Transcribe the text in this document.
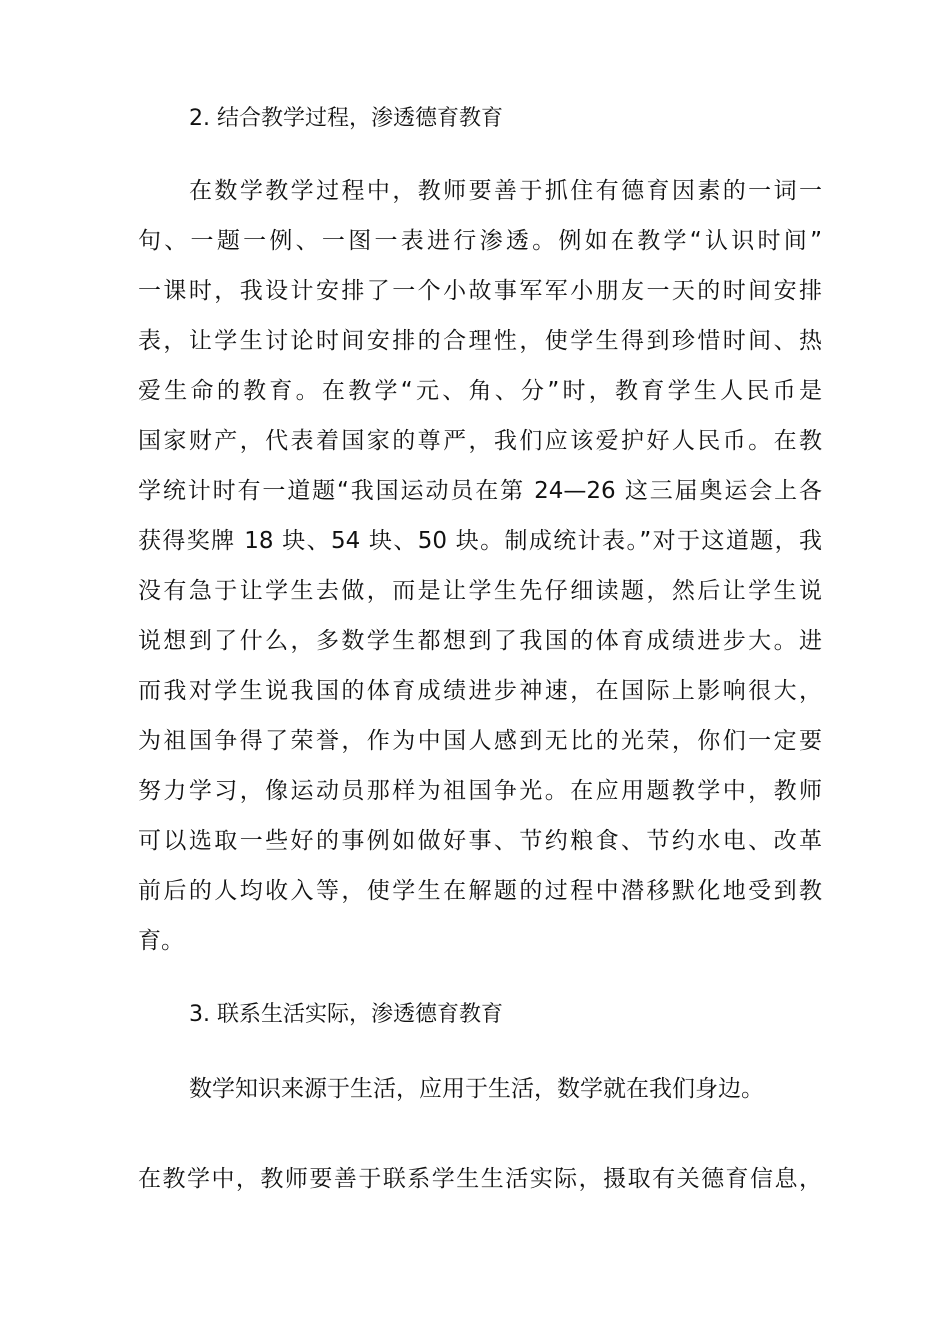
2. 结合教学过程，渗透德育教育

在数学教学过程中，教师要善于抓住有德育因素的一词一

句、一题一例、一图一表进行渗透。例如在教学“认识时间”

一课时，我设计安排了一个小故事军军小朋友一天的时间安排

表，让学生讨论时间安排的合理性，使学生得到珍惜时间、热

爱生命的教育。在教学“元、角、分”时，教育学生人民币是

国家财产，代表着国家的尊严，我们应该爱护好人民币。在教

学统计时有一道题“我国运动员在第 24—26 这三届奥运会上各

获得奖牌 18 块、54 块、50 块。制成统计表。”对于这道题，我

没有急于让学生去做，而是让学生先仔细读题，然后让学生说

说想到了什么，多数学生都想到了我国的体育成绩进步大。进

而我对学生说我国的体育成绩进步神速，在国际上影响很大，

为祖国争得了荣誉，作为中国人感到无比的光荣，你们一定要

努力学习，像运动员那样为祖国争光。在应用题教学中，教师

可以选取一些好的事例如做好事、节约粮食、节约水电、改革

前后的人均收入等，使学生在解题的过程中潜移默化地受到教

育。

3. 联系生活实际，渗透德育教育

数学知识来源于生活，应用于生活，数学就在我们身边。

在教学中，教师要善于联系学生生活实际，摄取有关德育信息，
